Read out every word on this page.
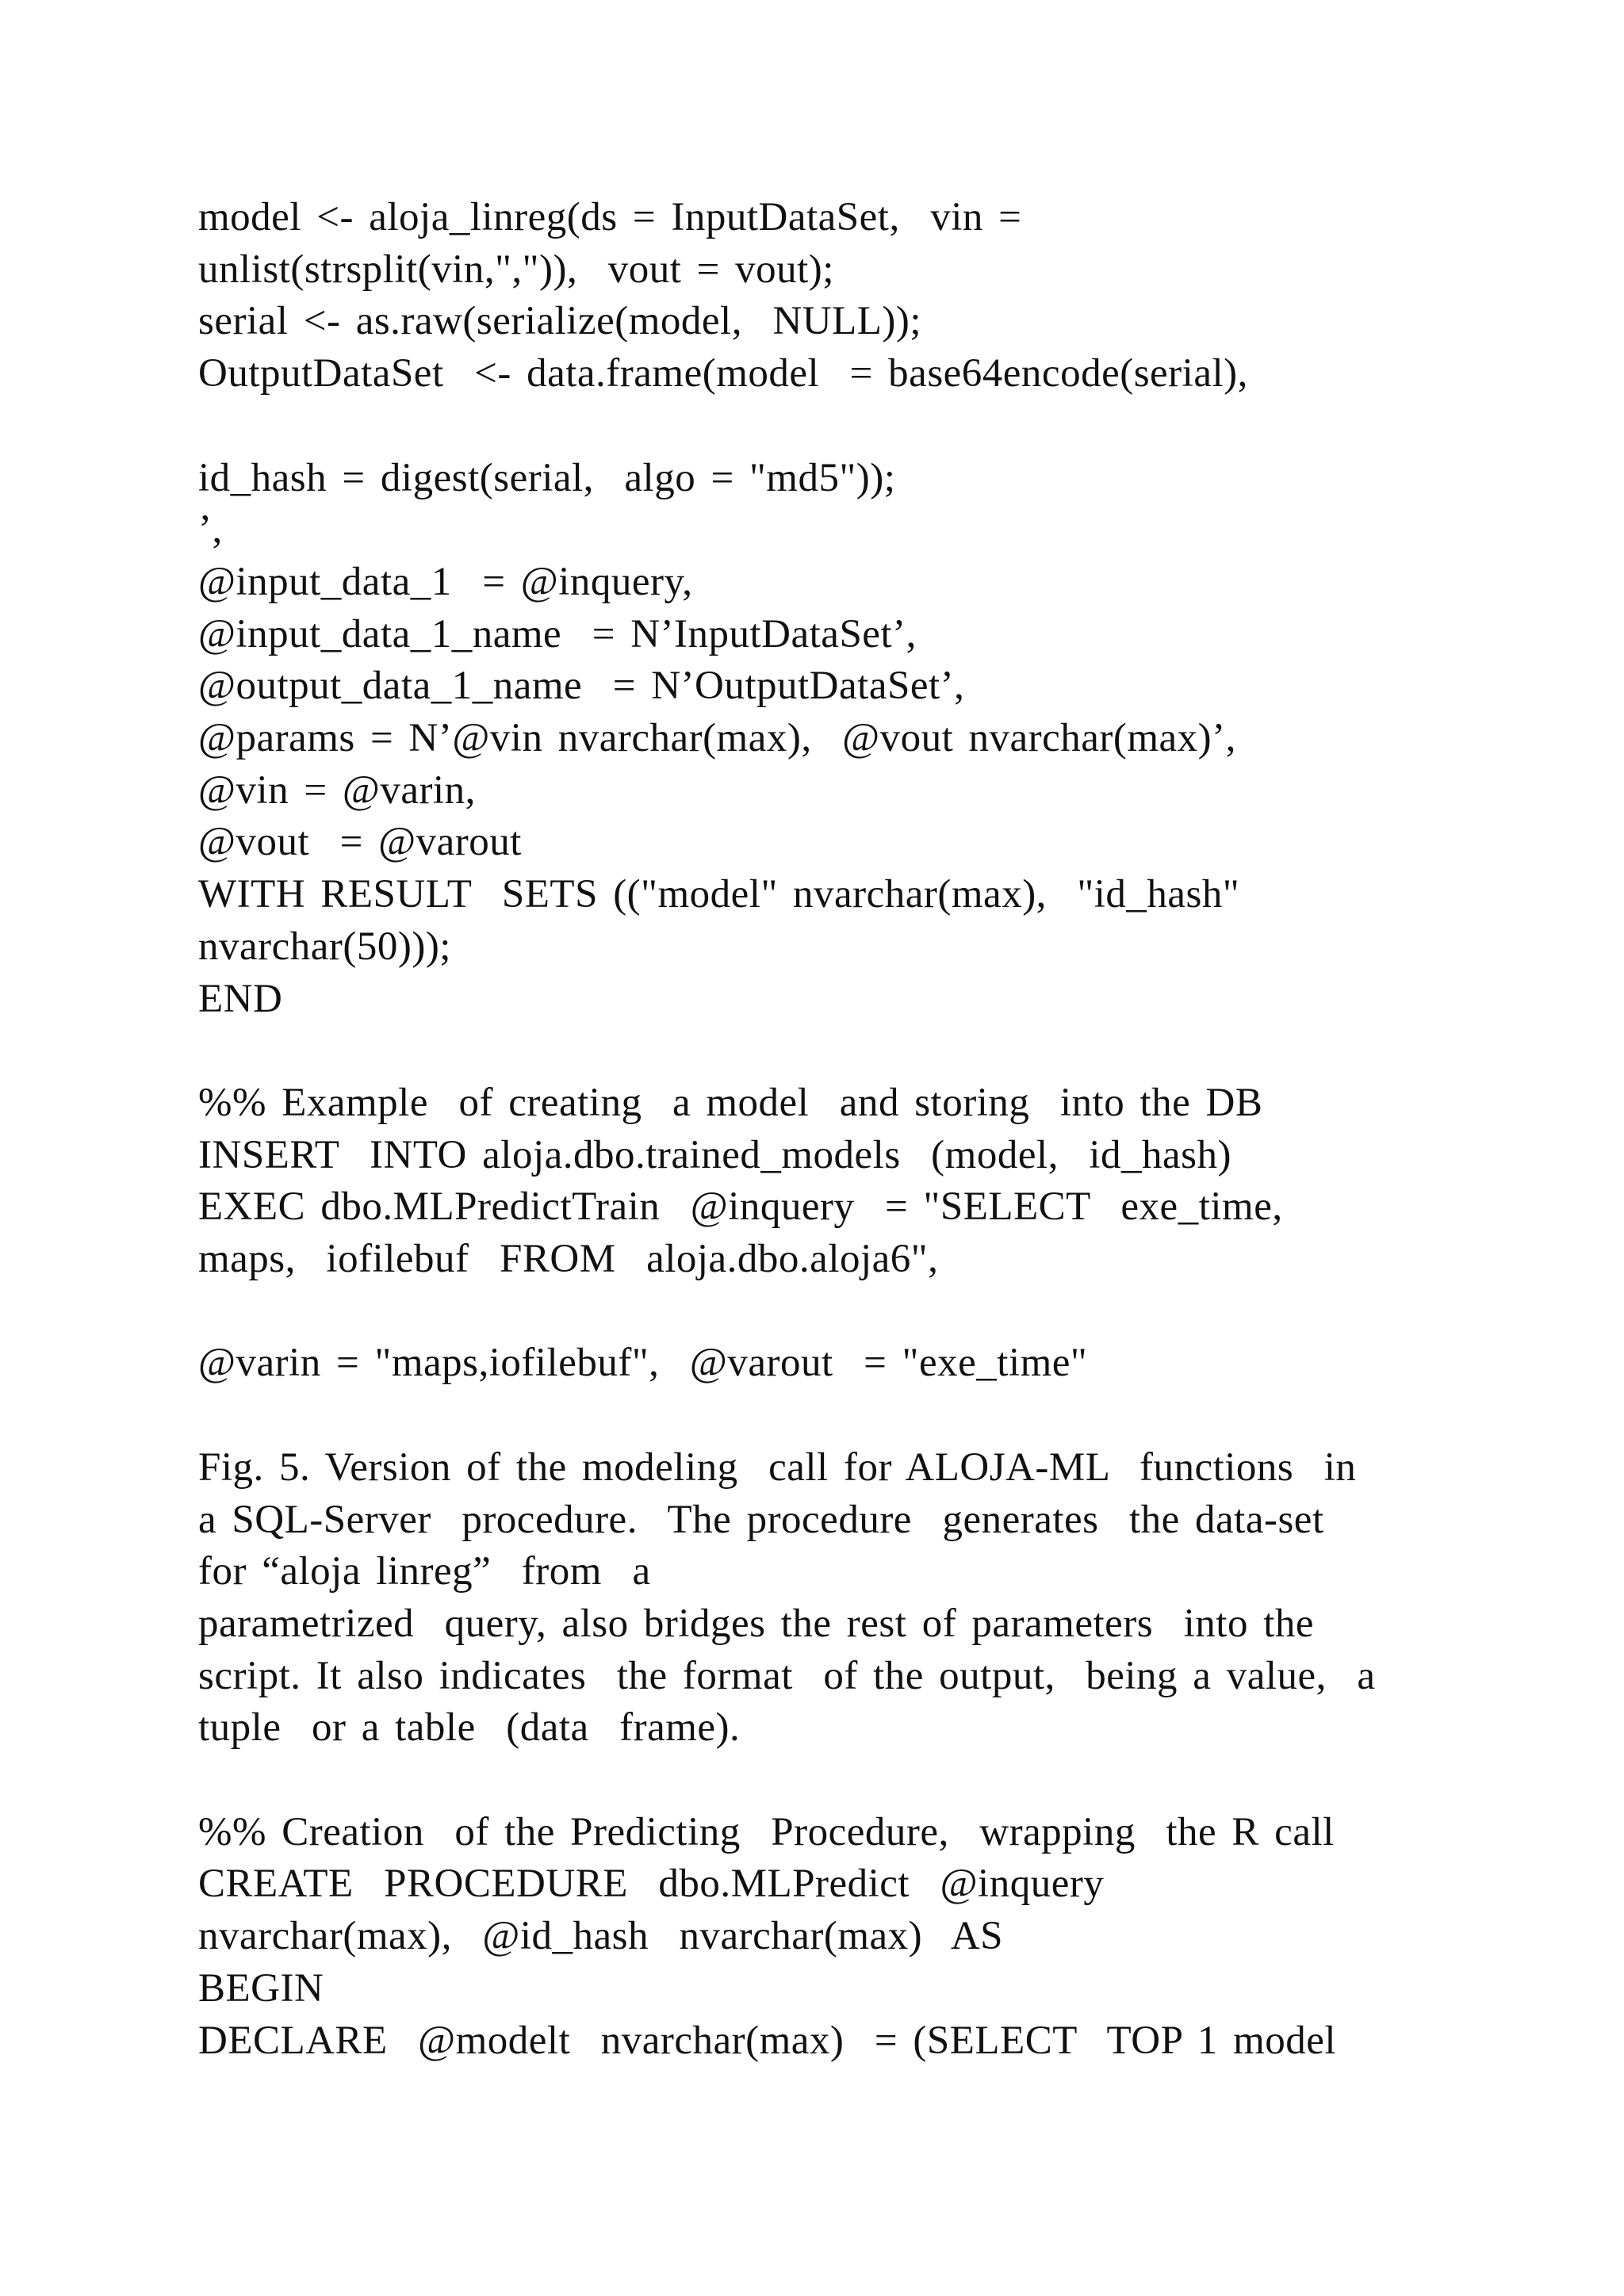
model <- aloja_linreg(ds = InputDataSet,  vin =
unlist(strsplit(vin,",")),  vout = vout);
serial <- as.raw(serialize(model,  NULL));
OutputDataSet  <- data.frame(model  = base64encode(serial),
id_hash = digest(serial,  algo = "md5"));
’,
@input_data_1  = @inquery,
@input_data_1_name  = N’InputDataSet’,
@output_data_1_name  = N’OutputDataSet’,
@params = N’@vin nvarchar(max),  @vout nvarchar(max)’,
@vin = @varin,
@vout  = @varout
WITH RESULT  SETS (("model" nvarchar(max),  "id_hash"
nvarchar(50)));
END
%% Example  of creating  a model  and storing  into the DB
INSERT  INTO aloja.dbo.trained_models  (model,  id_hash)
EXEC dbo.MLPredictTrain  @inquery  = "SELECT  exe_time,
maps,  iofilebuf  FROM  aloja.dbo.aloja6",
@varin = "maps,iofilebuf",  @varout  = "exe_time"
Fig. 5. Version of the modeling  call for ALOJA-ML  functions  in
a SQL-Server  procedure.  The procedure  generates  the data-set
for “aloja linreg”  from  a
parametrized  query, also bridges the rest of parameters  into the
script. It also indicates  the format  of the output,  being a value,  a
tuple  or a table  (data  frame).
%% Creation  of the Predicting  Procedure,  wrapping  the R call
CREATE  PROCEDURE  dbo.MLPredict  @inquery
nvarchar(max),  @id_hash  nvarchar(max)  AS
BEGIN
DECLARE  @modelt  nvarchar(max)  = (SELECT  TOP 1 model
